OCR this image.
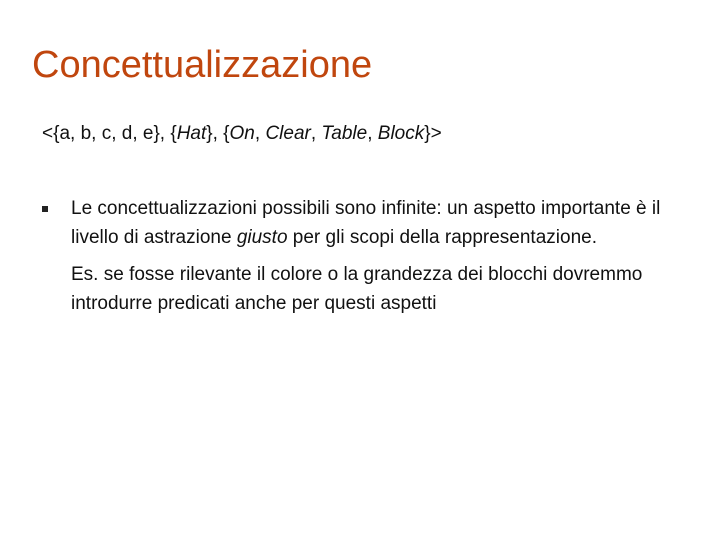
Concettualizzazione
<{a, b, c, d, e}, {Hat}, {On, Clear, Table, Block}>
Le concettualizzazioni possibili sono infinite: un aspetto importante è il livello di astrazione giusto per gli scopi della rappresentazione.
Es. se fosse rilevante il colore o la grandezza dei blocchi dovremmo introdurre predicati anche per questi aspetti
